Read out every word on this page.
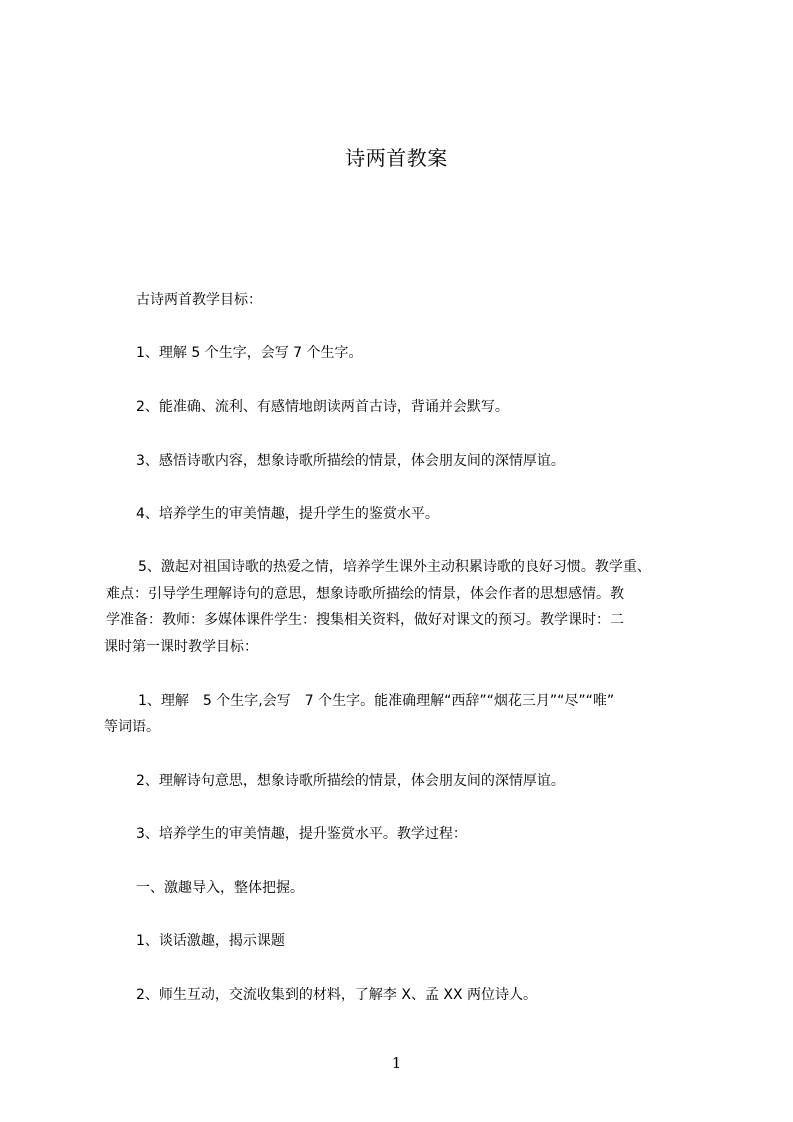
诗两首教案
古诗两首教学目标：
1、理解 5 个生字，会写 7 个生字。
2、能准确、流利、有感情地朗读两首古诗，背诵并会默写。
3、感悟诗歌内容，想象诗歌所描绘的情景，体会朋友间的深情厚谊。
4、培养学生的审美情趣，提升学生的鉴赏水平。
5、激起对祖国诗歌的热爱之情，培养学生课外主动积累诗歌的良好习惯。教学重、
难点：引导学生理解诗句的意思，想象诗歌所描绘的情景，体会作者的思想感情。教
学准备：教师：多媒体课件学生：搜集相关资料，做好对课文的预习。教学课时：二
课时第一课时教学目标：
1、理解　5 个生字,会写　7 个生字。能准确理解“西辞”“烟花三月”“尽”“唯”
等词语。
2、理解诗句意思，想象诗歌所描绘的情景，体会朋友间的深情厚谊。
3、培养学生的审美情趣，提升鉴赏水平。教学过程：
一、激趣导入，整体把握。
1、谈话激趣，揭示课题
2、师生互动，交流收集到的材料，了解李 X、孟 XX 两位诗人。
1
